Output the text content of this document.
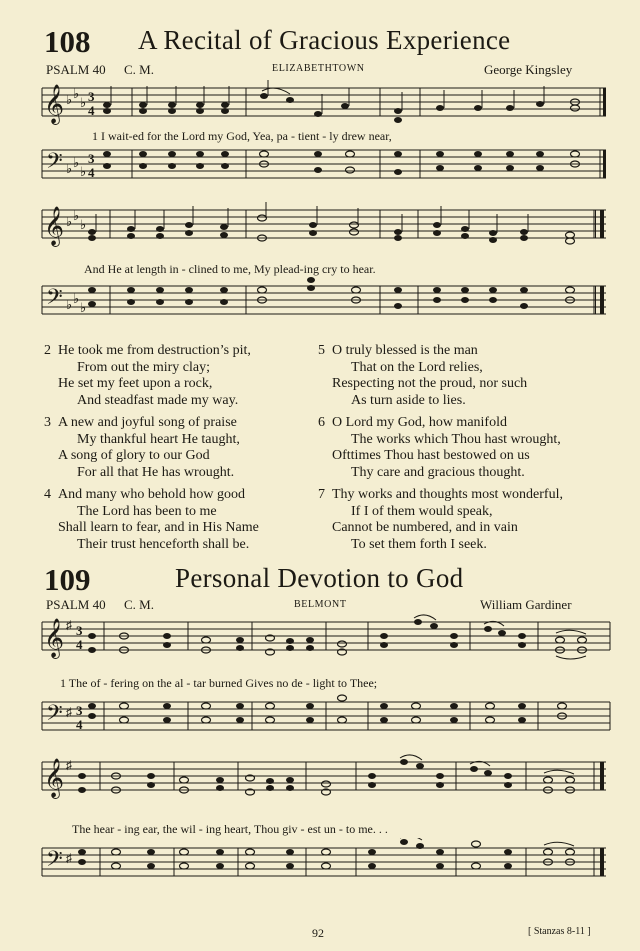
108 A Recital of Gracious Experience
PSALM 40 C. M.	ELIZABETHTOWN	George Kingsley
𝄞 ♭ ♭
♭ 3
4
1 I wait-ed for the Lord my God, Yea, pa - tient - ly drew near,
𝄢 ♭ ♭
♭
3
4
𝄞 ♭ ♭
♭
And He at length in - clined to me, My plead-ing cry to hear.
𝄢 ♭ ♭
♭
2 He took me from destruction’s pit,
From out the miry clay;
He set my feet upon a rock,
And steadfast made my way.
3 A new and joyful song of praise
My thankful heart He taught,
A song of glory to our God
For all that He has wrought.
4 And many who behold how good
The Lord has been to me
Shall learn to fear, and in His Name
Their trust henceforth shall be.
5 O truly blessed is the man
That on the Lord relies,
Respecting not the proud, nor such
As turn aside to lies.
6 O Lord my God, how manifold
The works which Thou hast wrought,
Ofttimes Thou hast bestowed on us
Thy care and gracious thought.
7 Thy works and thoughts most wonderful,
If I of them would speak,
Cannot be numbered, and in vain
To set them forth I seek.
109	Personal Devotion to God
PSALM 40 C. M.	BELMONT	William Gardiner
𝄞 ♯ 3
4
1 The of - fering on the al - tar burned Gives no de - light to Thee;
𝄢 ♯ 3
4
𝄞 ♯
The hear - ing ear, the wil - ing heart, Thou giv - est un - to me. . .
𝄢 ♯
92	[ Stanzas 8-11 ]
